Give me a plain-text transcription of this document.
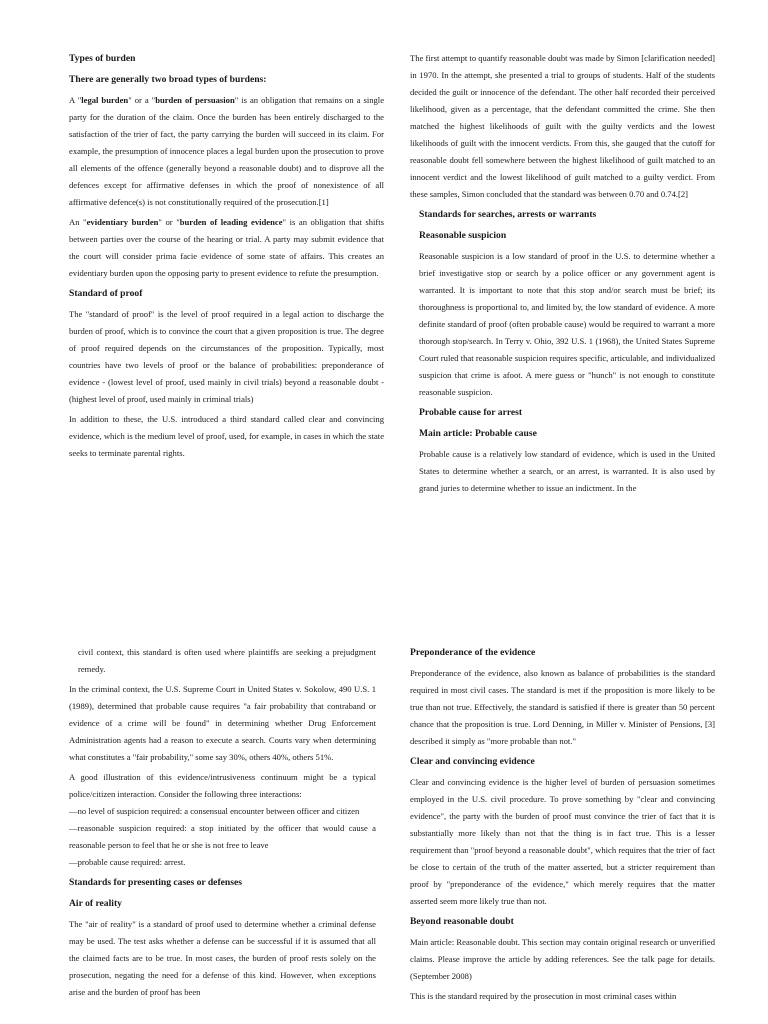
Types of burden
There are generally two broad types of burdens:

A "legal burden" or a "burden of persuasion" is an obligation that remains on a single party for the duration of the claim. Once the burden has been entirely discharged to the satisfaction of the trier of fact, the party carrying the burden will succeed in its claim. For example, the presumption of innocence places a legal burden upon the prosecution to prove all elements of the offence (generally beyond a reasonable doubt) and to disprove all the defences except for affirmative defenses in which the proof of nonexistence of all affirmative defence(s) is not constitutionally required of the prosecution.[1]

An "evidentiary burden" or "burden of leading evidence" is an obligation that shifts between parties over the course of the hearing or trial. A party may submit evidence that the court will consider prima facie evidence of some state of affairs. This creates an evidentiary burden upon the opposing party to present evidence to refute the presumption.

Standard of proof

The "standard of proof" is the level of proof required in a legal action to discharge the burden of proof, which is to convince the court that a given proposition is true. The degree of proof required depends on the circumstances of the proposition. Typically, most countries have two levels of proof or the balance of probabilities: preponderance of evidence - (lowest level of proof, used mainly in civil trials) beyond a reasonable doubt - (highest level of proof, used mainly in criminal trials)

In addition to these, the U.S. introduced a third standard called clear and convincing evidence, which is the medium level of proof, used, for example, in cases in which the state seeks to terminate parental rights.

The first attempt to quantify reasonable doubt was made by Simon [clarification needed] in 1970. In the attempt, she presented a trial to groups of students. Half of the students decided the guilt or innocence of the defendant. The other half recorded their perceived likelihood, given as a percentage, that the defendant committed the crime. She then matched the highest likelihoods of guilt with the guilty verdicts and the lowest likelihoods of guilt with the innocent verdicts. From this, she gauged that the cutoff for reasonable doubt fell somewhere between the highest likelihood of guilt matched to an innocent verdict and the lowest likelihood of guilt matched to a guilty verdict. From these samples, Simon concluded that the standard was between 0.70 and 0.74.[2]

Standards for searches, arrests or warrants
Reasonable suspicion

Reasonable suspicion is a low standard of proof in the U.S. to determine whether a brief investigative stop or search by a police officer or any government agent is warranted. It is important to note that this stop and/or search must be brief; its thoroughness is proportional to, and limited by, the low standard of evidence. A more definite standard of proof (often probable cause) would be required to warrant a more thorough stop/search. In Terry v. Ohio, 392 U.S. 1 (1968), the United States Supreme Court ruled that reasonable suspicion requires specific, articulable, and individualized suspicion that crime is afoot. A mere guess or "hunch" is not enough to constitute reasonable suspicion.

Probable cause for arrest
Main article: Probable cause

Probable cause is a relatively low standard of evidence, which is used in the United States to determine whether a search, or an arrest, is warranted. It is also used by grand juries to determine whether to issue an indictment. In the

civil context, this standard is often used where plaintiffs are seeking a prejudgment remedy.

In the criminal context, the U.S. Supreme Court in United States v. Sokolow, 490 U.S. 1 (1989), determined that probable cause requires "a fair probability that contraband or evidence of a crime will be found" in determining whether Drug Enforcement Administration agents had a reason to execute a search. Courts vary when determining what constitutes a "fair probability," some say 30%, others 40%, others 51%.

A good illustration of this evidence/intrusiveness continuum might be a typical police/citizen interaction. Consider the following three interactions:

—no level of suspicion required: a consensual encounter between officer and citizen

—reasonable suspicion required: a stop initiated by the officer that would cause a reasonable person to feel that he or she is not free to leave

—probable cause required: arrest.

Standards for presenting cases or defenses
Air of reality

The "air of reality" is a standard of proof used to determine whether a criminal defense may be used. The test asks whether a defense can be successful if it is assumed that all the claimed facts are to be true. In most cases, the burden of proof rests solely on the prosecution, negating the need for a defense of this kind. However, when exceptions arise and the burden of proof has been

Preponderance of the evidence

Preponderance of the evidence, also known as balance of probabilities is the standard required in most civil cases. The standard is met if the proposition is more likely to be true than not true. Effectively, the standard is satisfied if there is greater than 50 percent chance that the proposition is true. Lord Denning, in Miller v. Minister of Pensions, [3] described it simply as "more probable than not."

Clear and convincing evidence

Clear and convincing evidence is the higher level of burden of persuasion sometimes employed in the U.S. civil procedure. To prove something by "clear and convincing evidence", the party with the burden of proof must convince the trier of fact that it is substantially more likely than not that the thing is in fact true. This is a lesser requirement than "proof beyond a reasonable doubt", which requires that the trier of fact be close to certain of the truth of the matter asserted, but a stricter requirement than proof by "preponderance of the evidence," which merely requires that the matter asserted seem more likely true than not.

Beyond reasonable doubt

Main article: Reasonable doubt. This section may contain original research or unverified claims. Please improve the article by adding references. See the talk page for details. (September 2008)

This is the standard required by the prosecution in most criminal cases within
